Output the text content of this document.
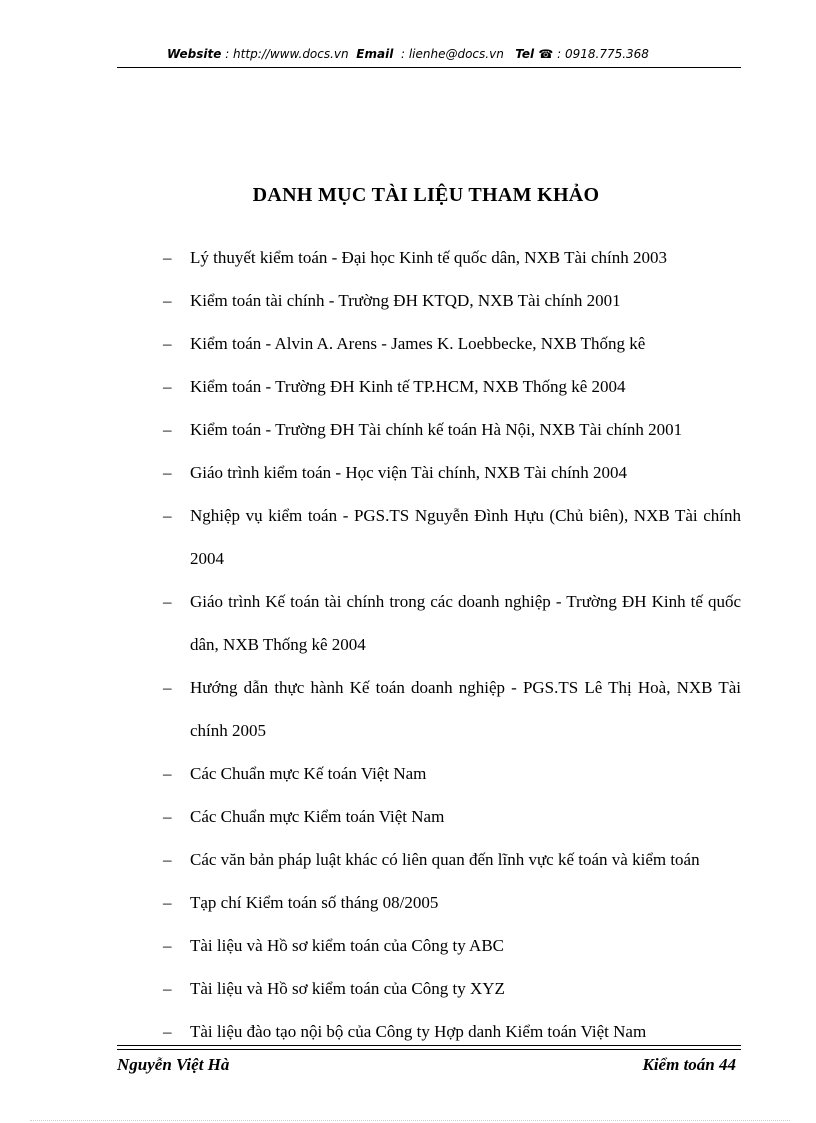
Website : http://www.docs.vn Email : lienhe@docs.vn Tel ☎ : 0918.775.368
DANH MỤC TÀI LIỆU THAM KHẢO
– Lý thuyết kiểm toán - Đại học Kinh tế quốc dân, NXB Tài chính 2003
– Kiểm toán tài chính - Trường ĐH KTQD, NXB Tài chính 2001
– Kiểm toán - Alvin A. Arens - James K. Loebbecke, NXB Thống kê
– Kiểm toán - Trường ĐH Kinh tế TP.HCM, NXB Thống kê 2004
– Kiểm toán - Trường ĐH Tài chính kế toán Hà Nội, NXB Tài chính 2001
– Giáo trình kiểm toán - Học viện Tài chính, NXB Tài chính 2004
– Nghiệp vụ kiểm toán - PGS.TS Nguyễn Đình Hựu (Chủ biên), NXB Tài chính 2004
– Giáo trình Kế toán tài chính trong các doanh nghiệp - Trường ĐH Kinh tế quốc dân, NXB Thống kê 2004
– Hướng dẫn thực hành Kế toán doanh nghiệp - PGS.TS Lê Thị Hoà, NXB Tài chính 2005
– Các Chuẩn mực Kế toán Việt Nam
– Các Chuẩn mực Kiểm toán Việt Nam
– Các văn bản pháp luật khác có liên quan đến lĩnh vực kế toán và kiểm toán
– Tạp chí Kiểm toán số tháng 08/2005
– Tài liệu và Hồ sơ kiểm toán của Công ty ABC
– Tài liệu và Hồ sơ kiểm toán của Công ty XYZ
– Tài liệu đào tạo nội bộ của Công ty Hợp danh Kiểm toán Việt Nam
Nguyễn Việt Hà	Kiểm toán 44
